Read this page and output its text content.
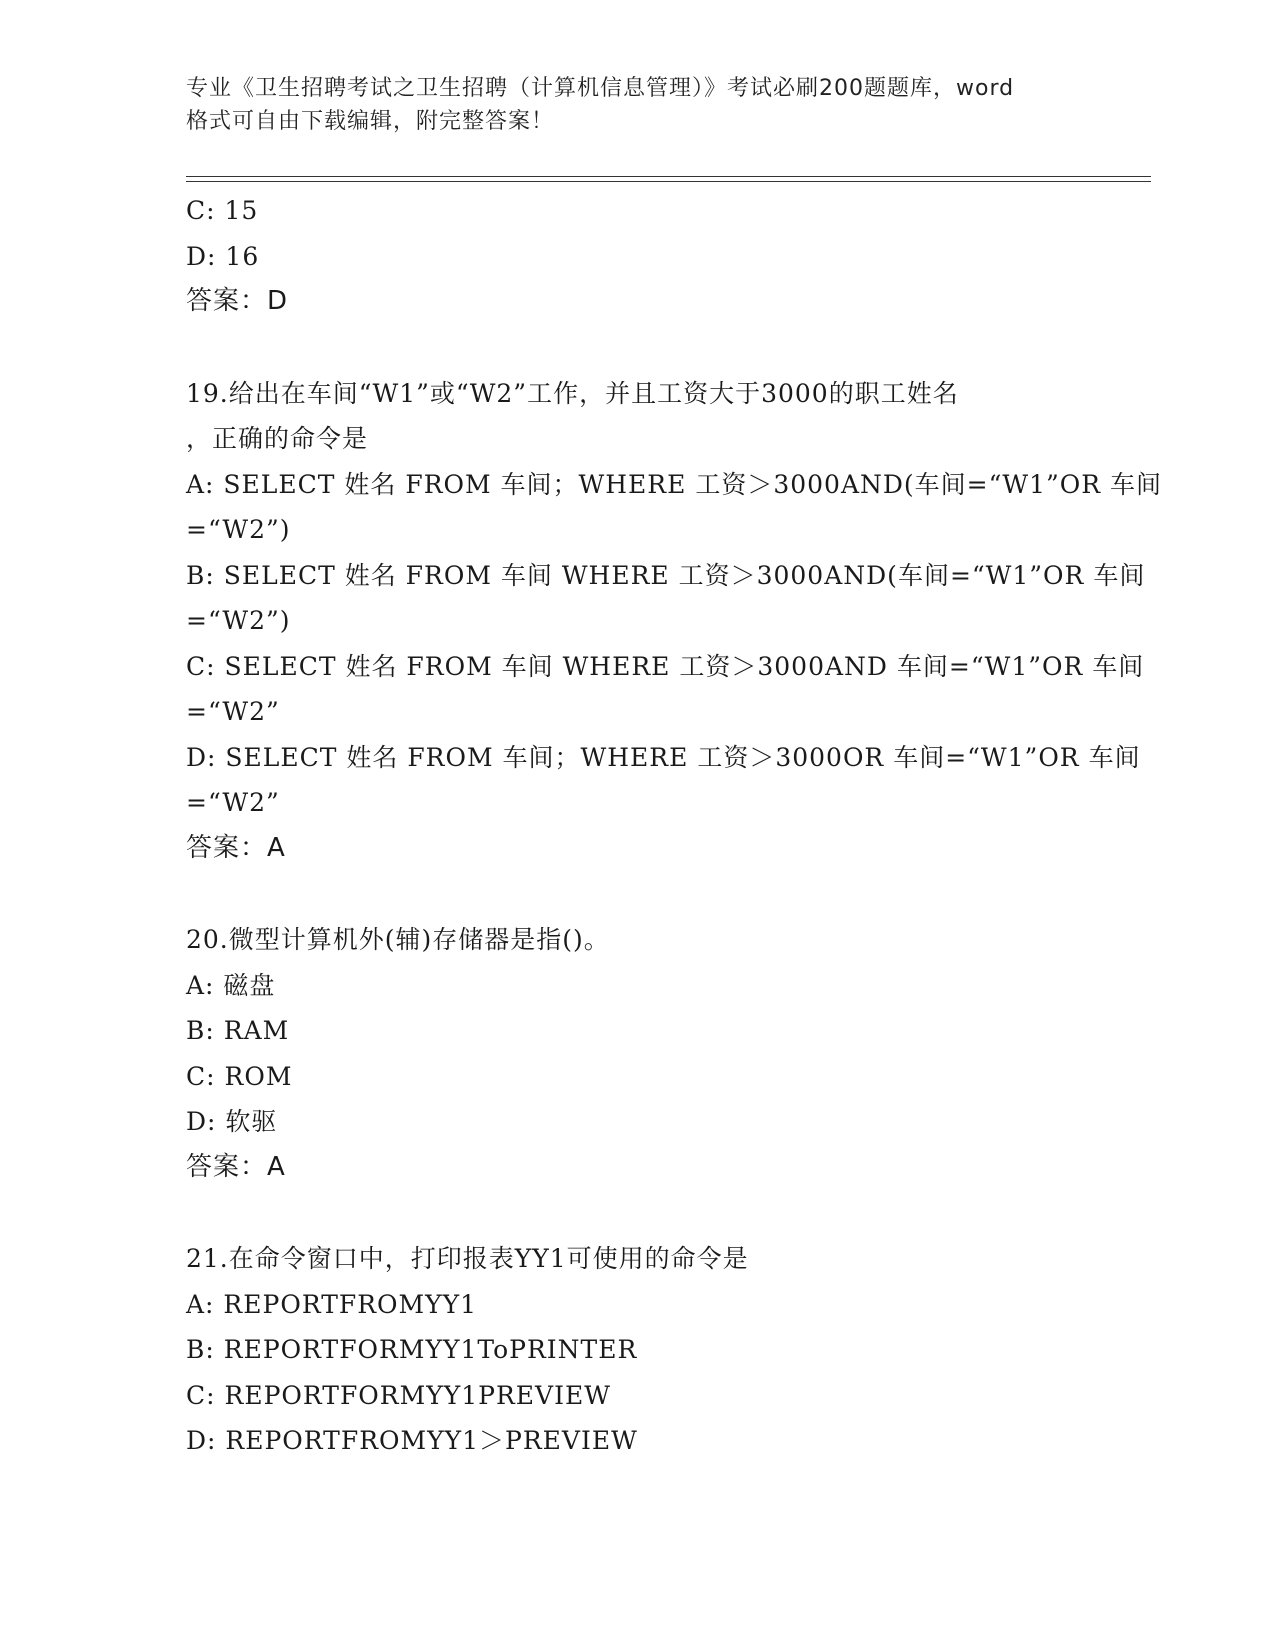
专业《卫生招聘考试之卫生招聘（计算机信息管理）》考试必刷200题题库，word
格式可自由下载编辑，附完整答案！
C: 15
D: 16
答案：D
19.给出在车间“W1”或“W2”工作，并且工资大于3000的职工姓名
，正确的命令是
A: SELECT 姓名 FROM 车间；WHERE 工资＞3000AND(车间=“W1”OR 车间
=“W2”)
B: SELECT 姓名 FROM 车间 WHERE 工资＞3000AND(车间=“W1”OR 车间
=“W2”)
C: SELECT 姓名 FROM 车间 WHERE 工资＞3000AND 车间=“W1”OR 车间
=“W2”
D: SELECT 姓名 FROM 车间；WHERE 工资＞3000OR 车间=“W1”OR 车间
=“W2”
答案：A
20.微型计算机外(辅)存储器是指()。
A: 磁盘
B: RAM
C: ROM
D: 软驱
答案：A
21.在命令窗口中，打印报表YY1可使用的命令是
A: REPORTFROMYY1
B: REPORTFORMYY1ToPRINTER
C: REPORTFORMYY1PREVIEW
D: REPORTFROMYY1＞PREVIEW
